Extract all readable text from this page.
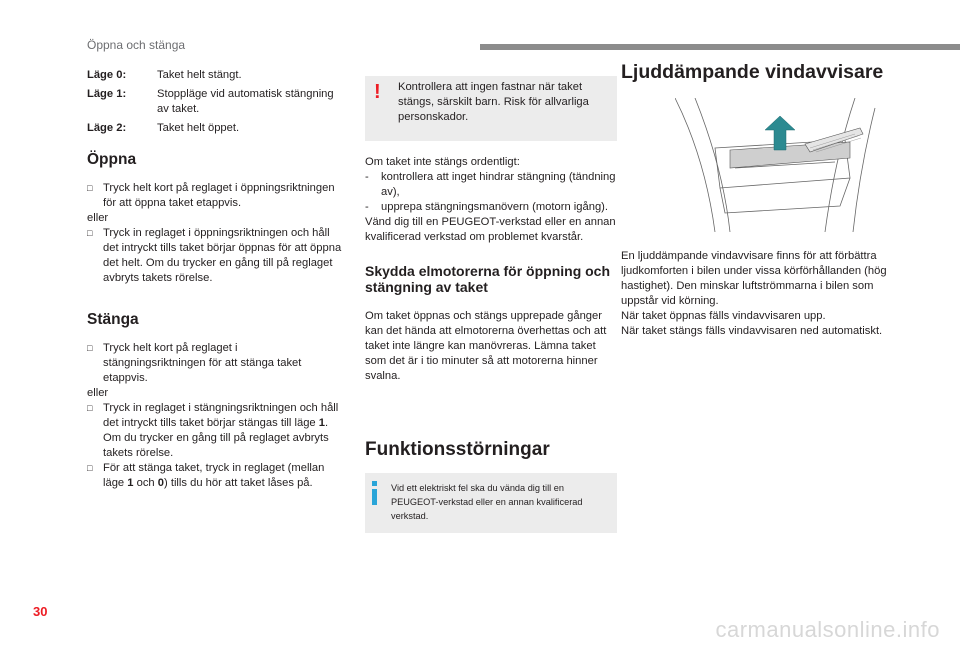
Öppna och stänga
Läge 0:	Taket helt stängt.
Läge 1:	Stoppläge vid automatisk stängning av taket.
Läge 2:	Taket helt öppet.
Öppna
□ Tryck helt kort på reglaget i öppningsriktningen för att öppna taket etappvis.

eller

□ Tryck in reglaget i öppningsriktningen och håll det intryckt tills taket börjar öppnas för att öppna det helt. Om du trycker en gång till på reglaget avbryts takets rörelse.
Stänga
□ Tryck helt kort på reglaget i stängningsriktningen för att stänga taket etappvis.

eller

□ Tryck in reglaget i stängningsriktningen och håll det intryckt tills taket börjar stängas till läge 1. Om du trycker en gång till på reglaget avbryts takets rörelse.
□ För att stänga taket, tryck in reglaget (mellan läge 1 och 0) tills du hör att taket låses på.
! Kontrollera att ingen fastnar när taket stängs, särskilt barn. Risk för allvarliga personskador.

Om taket inte stängs ordentligt:

-	kontrollera att inget hindrar stängning (tändning av),
-	upprepa stängningsmanövern (motorn igång).

Vänd dig till en PEUGEOT-verkstad eller en annan kvalificerad verkstad om problemet kvarstår.

Skydda elmotorerna för öppning och stängning av taket

Om taket öppnas och stängs upprepade gånger kan det hända att elmotorerna överhettas och att taket inte längre kan manövreras. Lämna taket som det är i tio minuter så att motorerna hinner svalna.

Funktionsstörningar
Vid ett elektriskt fel ska du vända dig till en PEUGEOT-verkstad eller en annan kvalificerad verkstad.
Ljuddämpande vindavvisare

En ljuddämpande vindavvisare finns för att förbättra ljudkomforten i bilen under vissa körförhållanden (hög hastighet). Den minskar luftströmmarna i bilen som uppstår vid körning.

När taket öppnas fälls vindavvisaren upp.

När taket stängs fälls vindavvisaren ned automatiskt.

30
carmanualsonline.info
